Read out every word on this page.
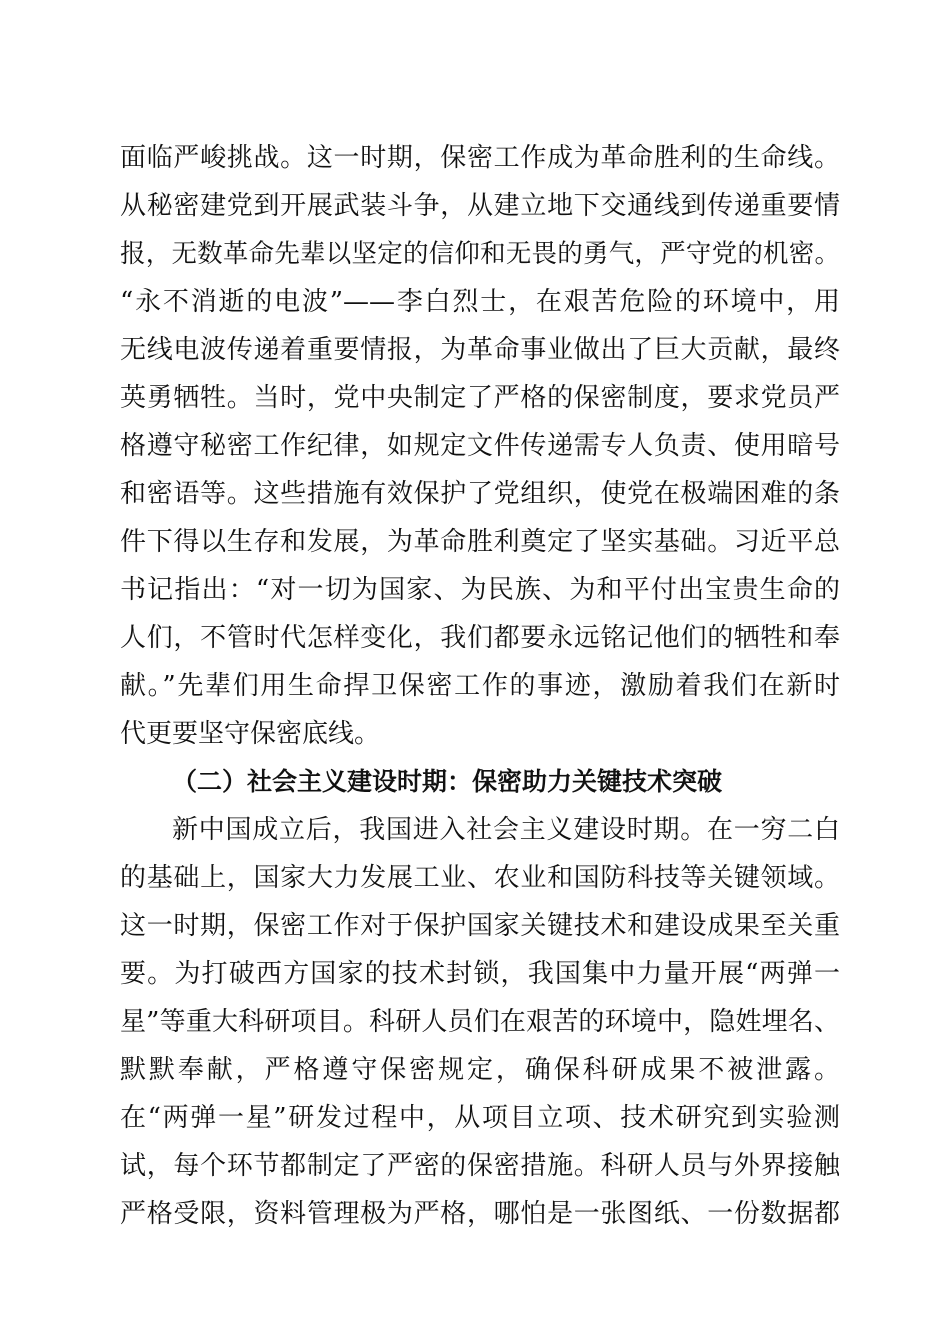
面临严峻挑战。这一时期，保密工作成为革命胜利的生命线。
从秘密建党到开展武装斗争，从建立地下交通线到传递重要情
报，无数革命先辈以坚定的信仰和无畏的勇气，严守党的机密。
“永不消逝的电波”——李白烈士，在艰苦危险的环境中，用
无线电波传递着重要情报，为革命事业做出了巨大贡献，最终
英勇牺牲。当时，党中央制定了严格的保密制度，要求党员严
格遵守秘密工作纪律，如规定文件传递需专人负责、使用暗号
和密语等。这些措施有效保护了党组织，使党在极端困难的条
件下得以生存和发展，为革命胜利奠定了坚实基础。习近平总
书记指出：“对一切为国家、为民族、为和平付出宝贵生命的
人们，不管时代怎样变化，我们都要永远铭记他们的牺牲和奉
献。”先辈们用生命捍卫保密工作的事迹，激励着我们在新时
代更要坚守保密底线。
（二）社会主义建设时期：保密助力关键技术突破
新中国成立后，我国进入社会主义建设时期。在一穷二白
的基础上，国家大力发展工业、农业和国防科技等关键领域。
这一时期，保密工作对于保护国家关键技术和建设成果至关重
要。为打破西方国家的技术封锁，我国集中力量开展“两弹一
星”等重大科研项目。科研人员们在艰苦的环境中，隐姓埋名、
默默奉献，严格遵守保密规定，确保科研成果不被泄露。
在“两弹一星”研发过程中，从项目立项、技术研究到实验测
试，每个环节都制定了严密的保密措施。科研人员与外界接触
严格受限，资料管理极为严格，哪怕是一张图纸、一份数据都
